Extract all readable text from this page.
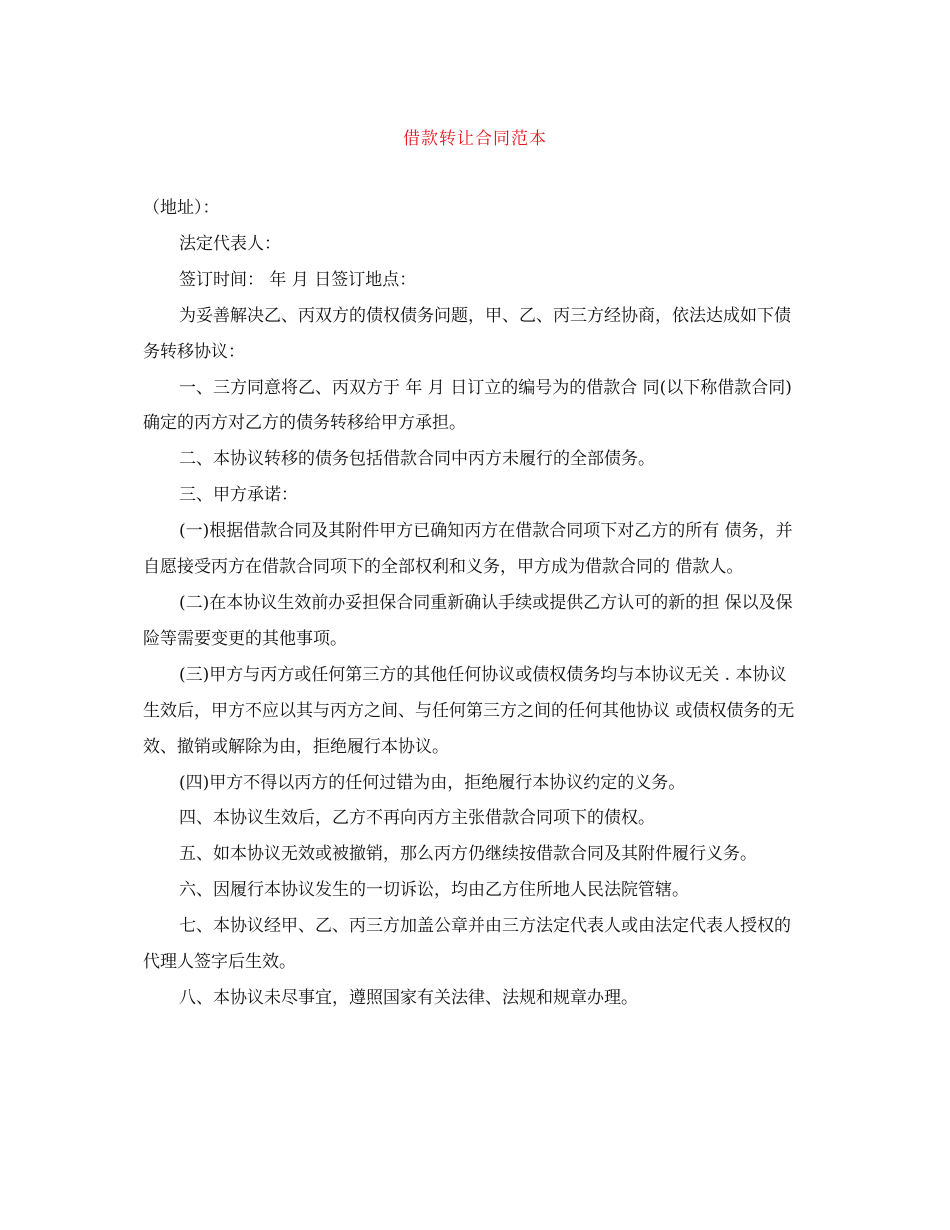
借款转让合同范本

（地址）：

法定代表人：

签订时间： 年 月 日签订地点：

为妥善解决乙、丙双方的债权债务问题，甲、乙、丙三方经协商，依法达成如下债务转移协议：

一、三方同意将乙、丙双方于 年 月 日订立的编号为的借款合 同(以下称借款合同)确定的丙方对乙方的债务转移给甲方承担。

二、本协议转移的债务包括借款合同中丙方未履行的全部债务。

三、甲方承诺：

(一)根据借款合同及其附件甲方已确知丙方在借款合同项下对乙方的所有 债务，并自愿接受丙方在借款合同项下的全部权利和义务，甲方成为借款合同的 借款人。

(二)在本协议生效前办妥担保合同重新确认手续或提供乙方认可的新的担 保以及保险等需要变更的其他事项。

(三)甲方与丙方或任何第三方的其他任何协议或债权债务均与本协议无关 . 本协议生效后，甲方不应以其与丙方之间、与任何第三方之间的任何其他协议 或债权债务的无效、撤销或解除为由，拒绝履行本协议。

(四)甲方不得以丙方的任何过错为由，拒绝履行本协议约定的义务。

四、本协议生效后，乙方不再向丙方主张借款合同项下的债权。

五、如本协议无效或被撤销，那么丙方仍继续按借款合同及其附件履行义务。

六、因履行本协议发生的一切诉讼，均由乙方住所地人民法院管辖。

七、本协议经甲、乙、丙三方加盖公章并由三方法定代表人或由法定代表人授权的代理人签字后生效。

八、本协议未尽事宜，遵照国家有关法律、法规和规章办理。
